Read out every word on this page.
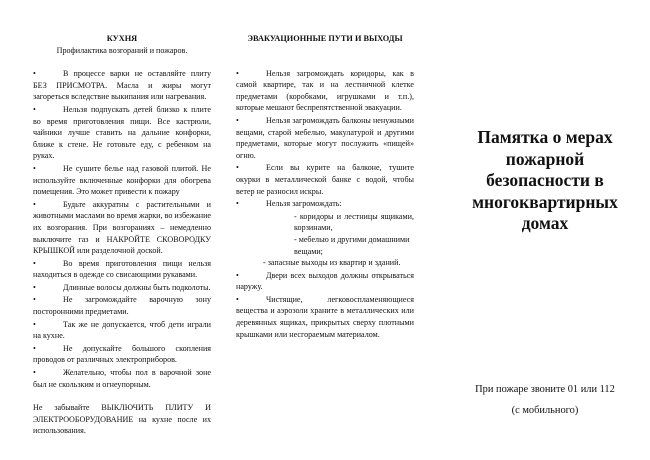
КУХНЯ
Профилактика возгораний и пожаров.
•	В процессе варки не оставляйте плиту БЕЗ ПРИСМОТРА. Масла и жиры могут загореться вследствие выкипания или нагревания.
•	Нельзя подпускать детей близко к плите во время приготовления пищи. Все кастрюли, чайники лучше ставить на дальние конфорки, ближе к стене. Не готовьте еду, с ребенком на руках.
•	Не сушите белье над газовой плитой. Не используйте включенные конфорки для обогрева помещения. Это может привести к пожару
•	Будьте аккуратны с растительными и животными маслами во время жарки, во избежание их возгорания. При возгораниях – немедленно выключите газ и НАКРОЙТЕ СКОВОРОДКУ КРЫШКОЙ или разделочной доской.
•	Во время приготовления пищи нельзя находиться в одежде со свисающими рукавами.
•	Длинные волосы должны быть подколоты.
•	Не загромождайте варочную зону посторонними предметами.
•	Так же не допускается, чтоб дети играли на кухне.
•	Не допускайте большого скопления проводов от различных электроприборов.
•	Желательно, чтобы пол в варочной зоне был не скользким и огнеупорным.
Не забывайте ВЫКЛЮЧИТЬ ПЛИТУ И ЭЛЕКТРООБОРУДОВАНИЕ на кухне после их использования.
ЭВАКУАЦИОННЫЕ ПУТИ И ВЫХОДЫ
•	Нельзя загромождать коридоры, как в самой квартире, так и на лестничной клетке предметами (коробками, игрушками и т.п.), которые мешают беспрепятственной эвакуации.
•	Нельзя загромождать балконы ненужными вещами, старой мебелью, макулатурой и другими предметами, которые могут послужить «пищей» огню.
•	Если вы курите на балконе, тушите окурки в металлической банке с водой, чтобы ветер не разносил искры.
•	Нельзя загромождать:
- коридоры и лестницы ящиками, корзинами,
- мебелью и другими домашними вещами;
- запасные выходы из квартир и зданий.
•	Двери всех выходов должны открываться наружу.
•	Чистящие, легковоспламеняющиеся вещества и аэрозоли храните в металлических или деревянных ящиках, прикрытых сверху плотными крышками или несгораемым материалом.
Памятка о мерах пожарной безопасности в многоквартирных домах
При пожаре звоните 01 или 112
(с мобильного)
